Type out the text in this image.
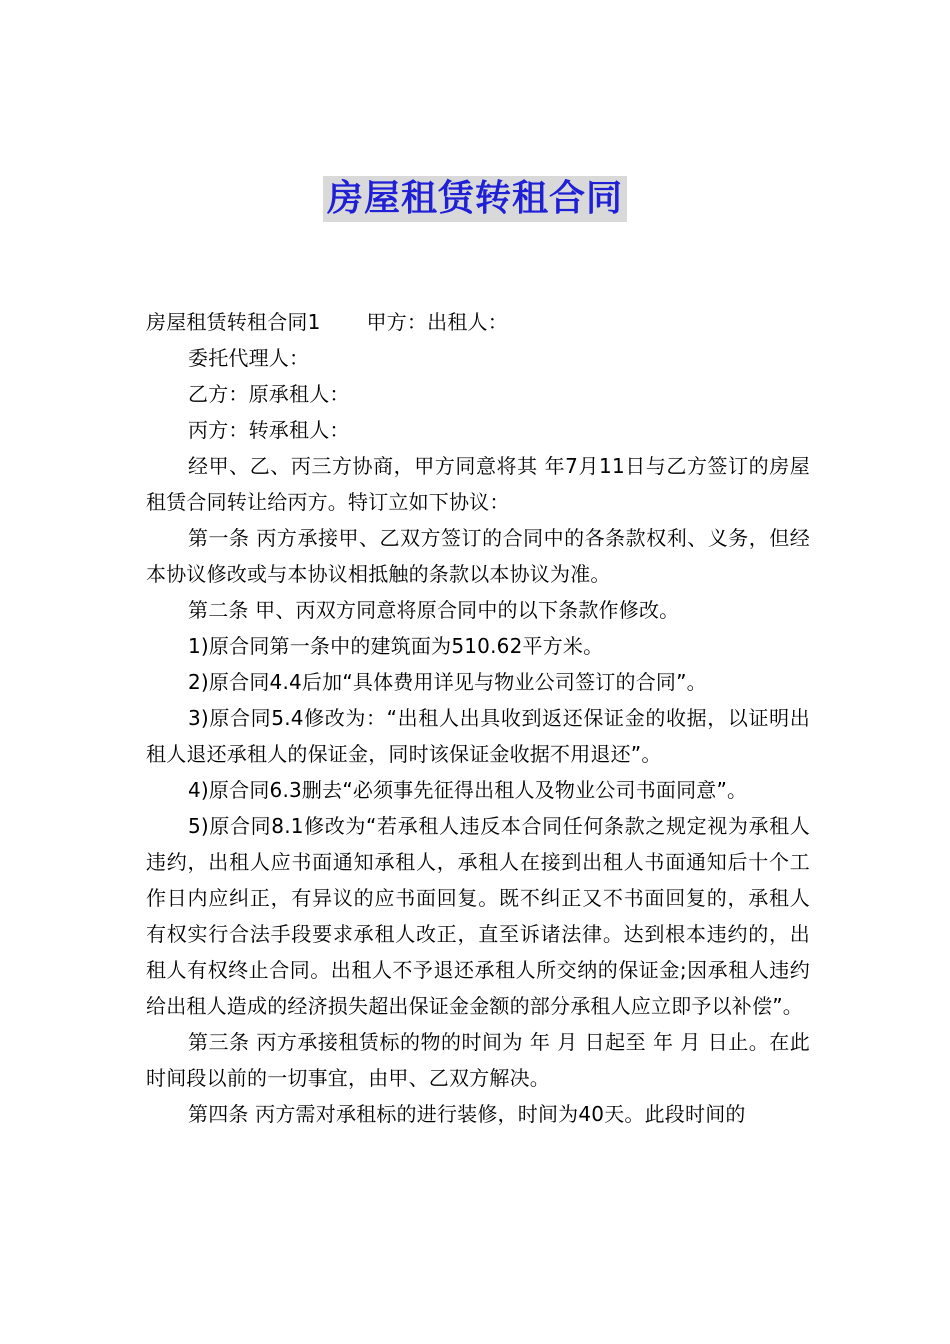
房屋租赁转租合同

房屋租赁转租合同1 甲方：出租人：

委托代理人：

乙方：原承租人：

丙方：转承租人：

经甲、乙、丙三方协商，甲方同意将其 年7月11日与乙方签订的房屋租赁合同转让给丙方。特订立如下协议：

第一条 丙方承接甲、乙双方签订的合同中的各条款权利、义务，但经本协议修改或与本协议相抵触的条款以本协议为准。

第二条 甲、丙双方同意将原合同中的以下条款作修改。

1)原合同第一条中的建筑面为510.62平方米。

2)原合同4.4后加“具体费用详见与物业公司签订的合同”。

3)原合同5.4修改为：“出租人出具收到返还保证金的收据，以证明出租人退还承租人的保证金，同时该保证金收据不用退还”。

4)原合同6.3删去“必须事先征得出租人及物业公司书面同意”。

5)原合同8.1修改为“若承租人违反本合同任何条款之规定视为承租人违约，出租人应书面通知承租人，承租人在接到出租人书面通知后十个工作日内应纠正，有异议的应书面回复。既不纠正又不书面回复的，承租人有权实行合法手段要求承租人改正，直至诉诸法律。达到根本违约的，出租人有权终止合同。出租人不予退还承租人所交纳的保证金;因承租人违约给出租人造成的经济损失超出保证金金额的部分承租人应立即予以补偿”。

第三条 丙方承接租赁标的物的时间为 年 月 日起至 年 月 日止。在此时间段以前的一切事宜，由甲、乙双方解决。

第四条 丙方需对承租标的进行装修，时间为40天。此段时间的
